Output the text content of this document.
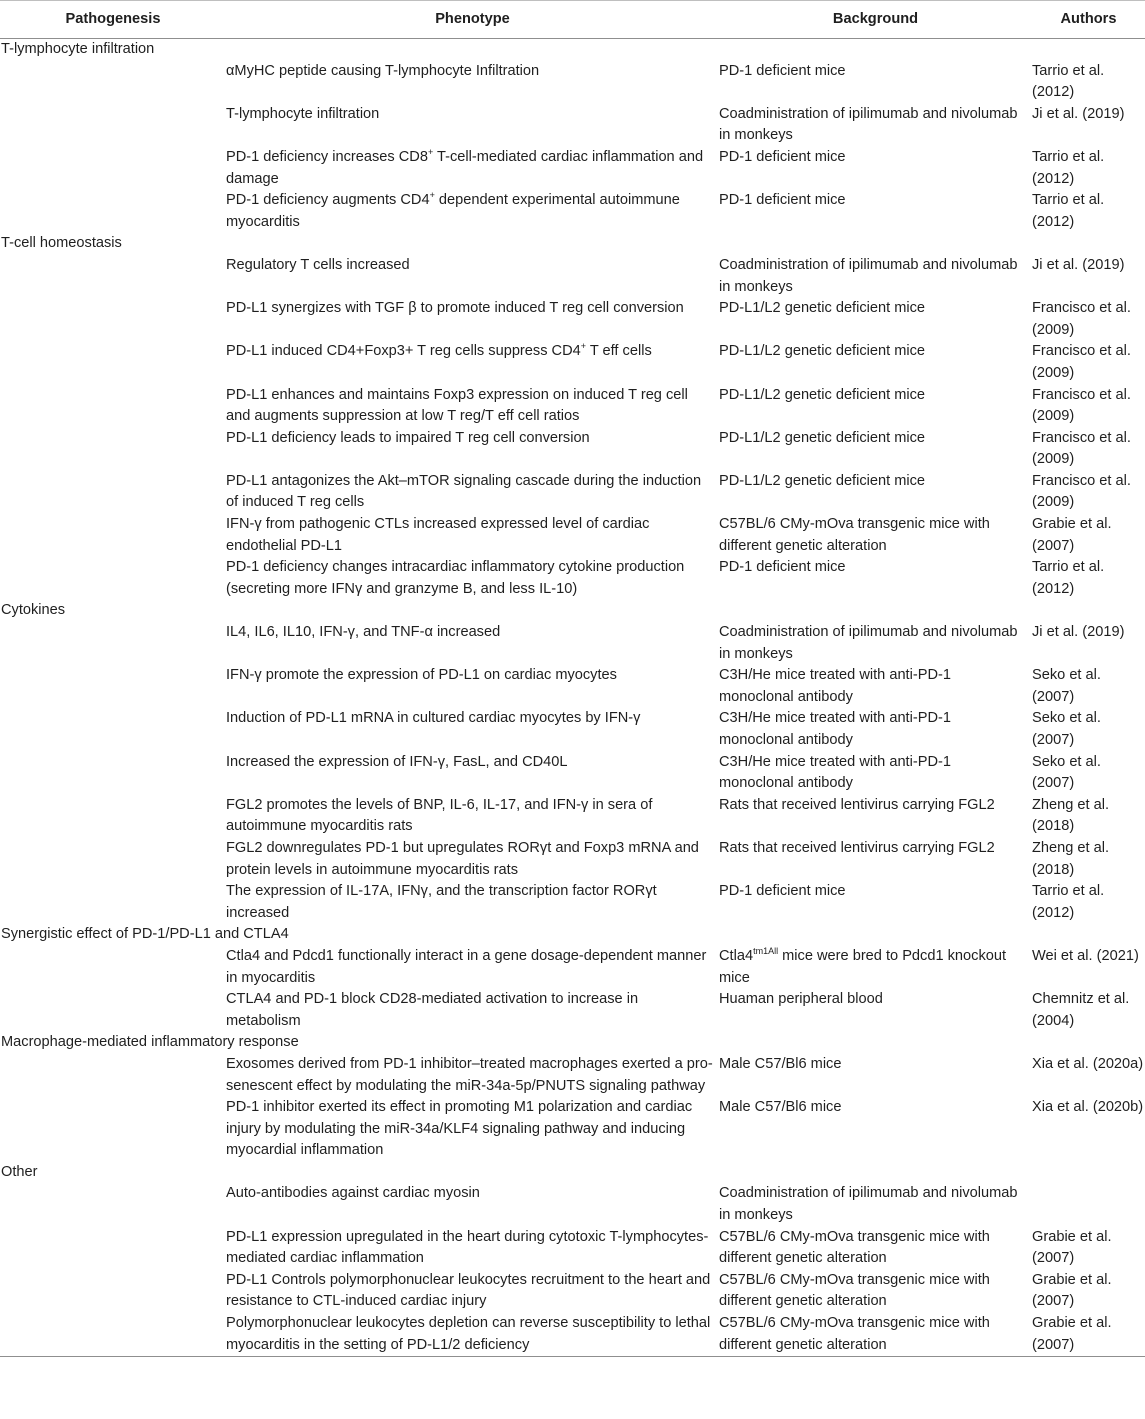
Pathogenesis	Phenotype	Background	Authors
T-lymphocyte infiltration			
	αMyHC peptide causing T-lymphocyte Infiltration	PD-1 deficient mice	Tarrio et al. (2012)
	T-lymphocyte infiltration	Coadministration of ipilimumab and nivolumab in monkeys	Ji et al. (2019)
	PD-1 deficiency increases CD8+ T-cell-mediated cardiac inflammation and damage	PD-1 deficient mice	Tarrio et al. (2012)
	PD-1 deficiency augments CD4+ dependent experimental autoimmune myocarditis	PD-1 deficient mice	Tarrio et al. (2012)
T-cell homeostasis			
	Regulatory T cells increased	Coadministration of ipilimumab and nivolumab in monkeys	Ji et al. (2019)
	PD-L1 synergizes with TGF β to promote induced T reg cell conversion	PD-L1/L2 genetic deficient mice	Francisco et al. (2009)
	PD-L1 induced CD4+Foxp3+ T reg cells suppress CD4+ T eff cells	PD-L1/L2 genetic deficient mice	Francisco et al. (2009)
	PD-L1 enhances and maintains Foxp3 expression on induced T reg cell and augments suppression at low T reg/T eff cell ratios	PD-L1/L2 genetic deficient mice	Francisco et al. (2009)
	PD-L1 deficiency leads to impaired T reg cell conversion	PD-L1/L2 genetic deficient mice	Francisco et al. (2009)
	PD-L1 antagonizes the Akt–mTOR signaling cascade during the induction of induced T reg cells	PD-L1/L2 genetic deficient mice	Francisco et al. (2009)
	IFN-γ from pathogenic CTLs increased expressed level of cardiac endothelial PD-L1	C57BL/6 CMy-mOva transgenic mice with different genetic alteration	Grabie et al. (2007)
	PD-1 deficiency changes intracardiac inflammatory cytokine production (secreting more IFNγ and granzyme B, and less IL-10)	PD-1 deficient mice	Tarrio et al. (2012)
Cytokines			
	IL4, IL6, IL10, IFN-γ, and TNF-α increased	Coadministration of ipilimumab and nivolumab in monkeys	Ji et al. (2019)
	IFN-γ promote the expression of PD-L1 on cardiac myocytes	C3H/He mice treated with anti-PD-1 monoclonal antibody	Seko et al. (2007)
	Induction of PD-L1 mRNA in cultured cardiac myocytes by IFN-γ	C3H/He mice treated with anti-PD-1 monoclonal antibody	Seko et al. (2007)
	Increased the expression of IFN-γ, FasL, and CD40L	C3H/He mice treated with anti-PD-1 monoclonal antibody	Seko et al. (2007)
	FGL2 promotes the levels of BNP, IL-6, IL-17, and IFN-γ in sera of autoimmune myocarditis rats	Rats that received lentivirus carrying FGL2	Zheng et al. (2018)
	FGL2 downregulates PD-1 but upregulates RORγt and Foxp3 mRNA and protein levels in autoimmune myocarditis rats	Rats that received lentivirus carrying FGL2	Zheng et al. (2018)
	The expression of IL-17A, IFNγ, and the transcription factor RORγt increased	PD-1 deficient mice	Tarrio et al. (2012)
Synergistic effect of PD-1/PD-L1 and CTLA4			
	Ctla4 and Pdcd1 functionally interact in a gene dosage-dependent manner in myocarditis	$Ctla4^{tm1All}$ mice were bred to Pdcd1 knockout mice	Wei et al. (2021)
	CTLA4 and PD-1 block CD28-mediated activation to increase in metabolism	Huaman peripheral blood	Chemnitz et al. (2004)
Macrophage-mediated inflammatory response			
	Exosomes derived from PD-1 inhibitor–treated macrophages exerted a pro-senescent effect by modulating the miR-34a-5p/PNUTS signaling pathway	Male C57/Bl6 mice	Xia et al. (2020a)
	PD-1 inhibitor exerted its effect in promoting M1 polarization and cardiac injury by modulating the miR-34a/KLF4 signaling pathway and inducing myocardial inflammation	Male C57/Bl6 mice	Xia et al. (2020b)
Other			
	Auto-antibodies against cardiac myosin	Coadministration of ipilimumab and nivolumab in monkeys	
	PD-L1 expression upregulated in the heart during cytotoxic T-lymphocytes-mediated cardiac inflammation	C57BL/6 CMy-mOva transgenic mice with different genetic alteration	Grabie et al. (2007)
	PD-L1 Controls polymorphonuclear leukocytes recruitment to the heart and resistance to CTL-induced cardiac injury	C57BL/6 CMy-mOva transgenic mice with different genetic alteration	Grabie et al. (2007)
	Polymorphonuclear leukocytes depletion can reverse susceptibility to lethal myocarditis in the setting of PD-L1/2 deficiency	C57BL/6 CMy-mOva transgenic mice with different genetic alteration	Grabie et al. (2007)
